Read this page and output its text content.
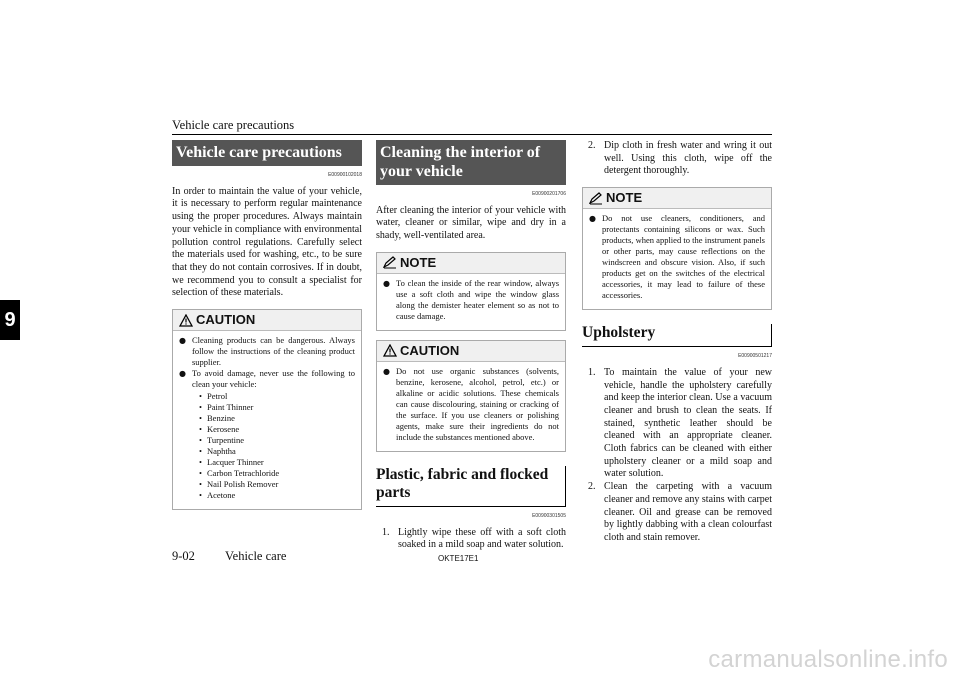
Vehicle care precautions
9
Vehicle care precautions
E00900102018

In order to maintain the value of your vehicle, it is necessary to perform regular maintenance using the proper procedures. Always maintain your vehicle in compliance with environmental pollution control regulations. Carefully select the materials used for washing, etc., to be sure that they do not contain corrosives. If in doubt, we recommend you to consult a specialist for selection of these materials.

CAUTION
● Cleaning products can be dangerous. Always follow the instructions of the cleaning product supplier.
● To avoid damage, never use the following to clean your vehicle:
• Petrol
• Paint Thinner
• Benzine
• Kerosene
• Turpentine
• Naphtha
• Lacquer Thinner
• Carbon Tetrachloride
• Nail Polish Remover
• Acetone
Cleaning the interior of your vehicle
E00900201706

After cleaning the interior of your vehicle with water, cleaner or similar, wipe and dry in a shady, well-ventilated area.

NOTE
● To clean the inside of the rear window, always use a soft cloth and wipe the window glass along the demister heater element so as not to cause damage.
CAUTION
● Do not use organic substances (solvents, benzine, kerosene, alcohol, petrol, etc.) or alkaline or acidic solutions. These chemicals can cause discolouring, staining or cracking of the surface. If you use cleaners or polishing agents, make sure their ingredients do not include the substances mentioned above.
Plastic, fabric and flocked parts
E00900301505
1. Lightly wipe these off with a soft cloth soaked in a mild soap and water solution.
2. Dip cloth in fresh water and wring it out well. Using this cloth, wipe off the detergent thoroughly.
NOTE
● Do not use cleaners, conditioners, and protectants containing silicons or wax. Such products, when applied to the instrument panels or other parts, may cause reflections on the windscreen and obscure vision. Also, if such products get on the switches of the electrical accessories, it may lead to failure of these accessories.
Upholstery
E00900501217
1. To maintain the value of your new vehicle, handle the upholstery carefully and keep the interior clean. Use a vacuum cleaner and brush to clean the seats. If stained, synthetic leather should be cleaned with an appropriate cleaner. Cloth fabrics can be cleaned with either upholstery cleaner or a mild soap and water solution.
2. Clean the carpeting with a vacuum cleaner and remove any stains with carpet cleaner. Oil and grease can be removed by lightly dabbing with a clean colourfast cloth and stain remover.
9-02 Vehicle care	OKTE17E1
carmanualsonline.info
